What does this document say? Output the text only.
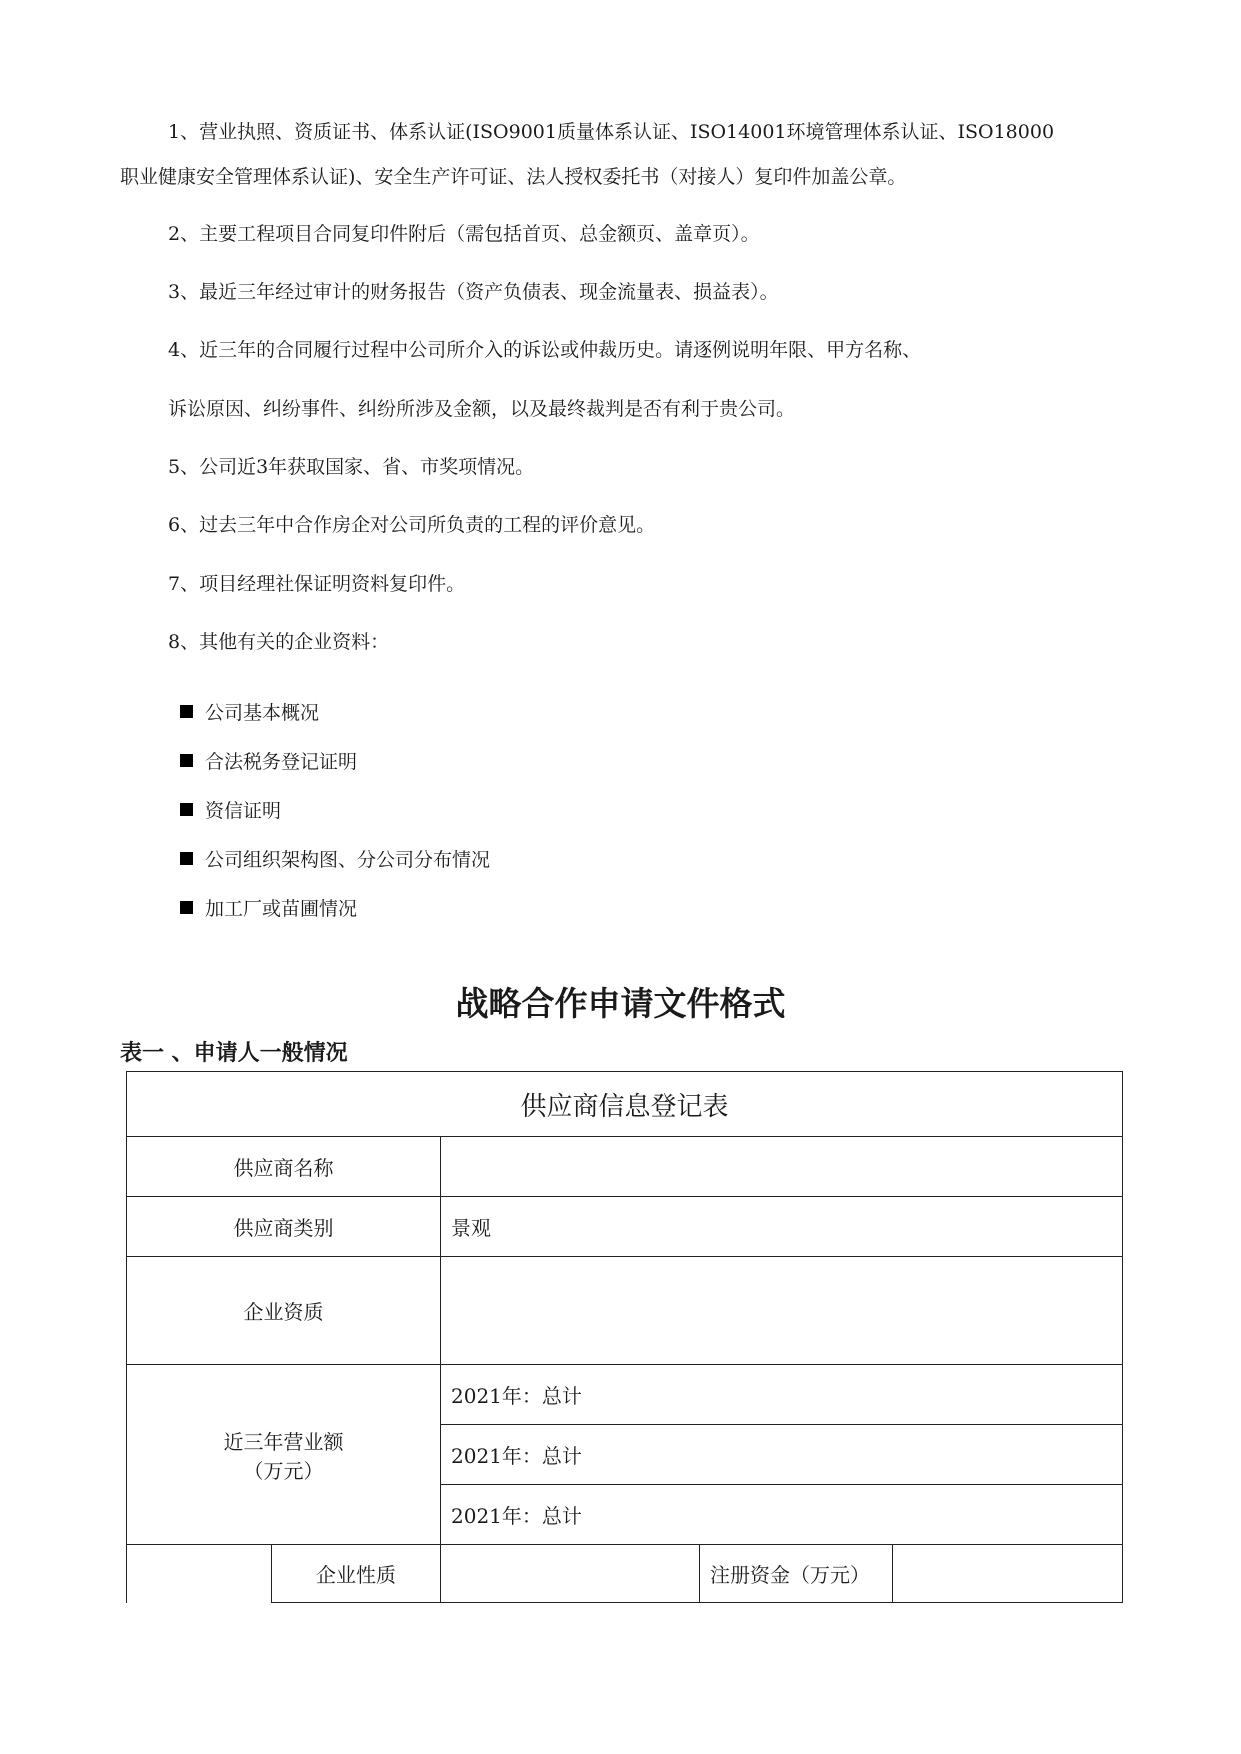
1、营业执照、资质证书、体系认证(ISO9001质量体系认证、ISO14001环境管理体系认证、ISO18000
职业健康安全管理体系认证)、安全生产许可证、法人授权委托书（对接人）复印件加盖公章。
2、主要工程项目合同复印件附后（需包括首页、总金额页、盖章页）。
3、最近三年经过审计的财务报告（资产负债表、现金流量表、损益表）。
4、近三年的合同履行过程中公司所介入的诉讼或仲裁历史。请逐例说明年限、甲方名称、
诉讼原因、纠纷事件、纠纷所涉及金额，以及最终裁判是否有利于贵公司。
5、公司近3年获取国家、省、市奖项情况。
6、过去三年中合作房企对公司所负责的工程的评价意见。
7、项目经理社保证明资料复印件。
8、其他有关的企业资料：
公司基本概况
合法税务登记证明
资信证明
公司组织架构图、分公司分布情况
加工厂或苗圃情况
战略合作申请文件格式
表一 、申请人一般情况
供应商信息登记表				
供应商名称				
供应商类别		景观		
企业资质				

近三年营业额
（万元）		2021年：总计		
		2021年：总计		
		2021年：总计		
	企业性质		注册资金（万元）	
